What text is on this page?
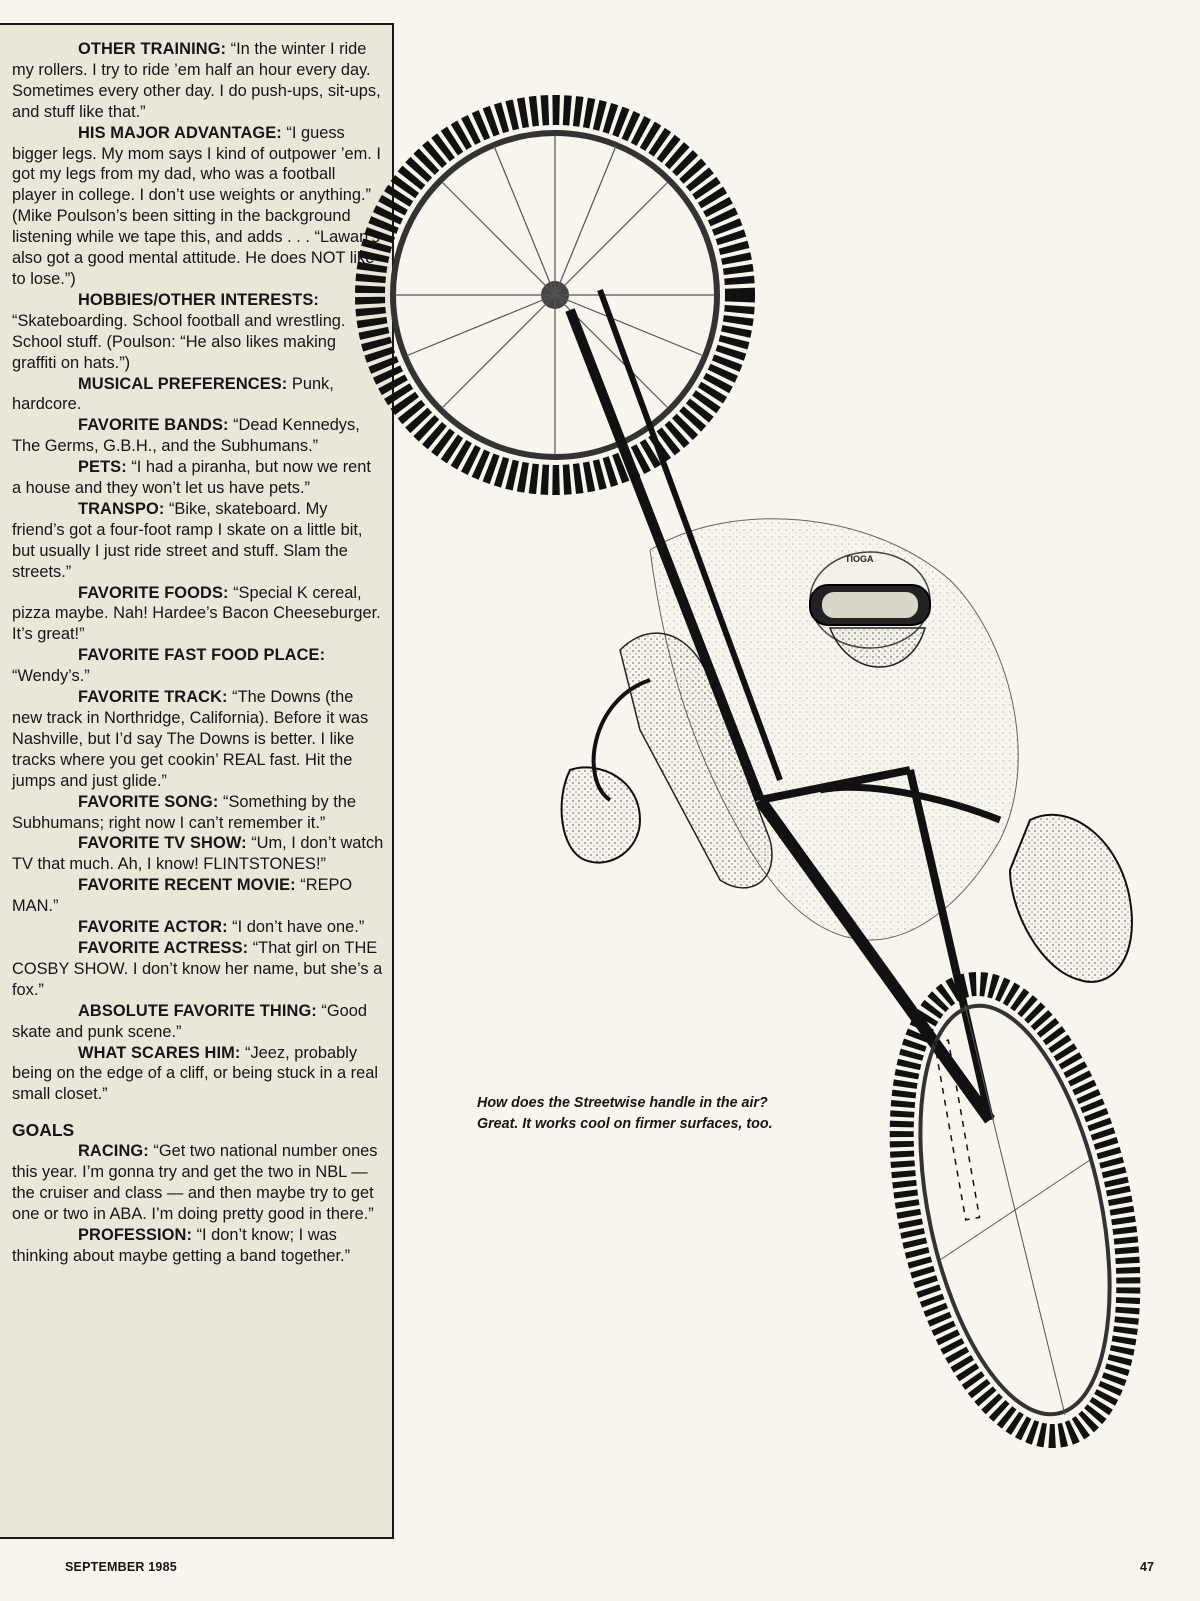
OTHER TRAINING: “In the winter I ride my rollers. I try to ride ’em half an hour every day. Sometimes every other day. I do push-ups, sit-ups, and stuff like that.”

HIS MAJOR ADVANTAGE: “I guess bigger legs. My mom says I kind of outpower ’em. I got my legs from my dad, who was a football player in college. I don’t use weights or anything.” (Mike Poulson’s been sitting in the background listening while we tape this, and adds . . . “Lawan’s also got a good mental attitude. He does NOT like to lose.”)

HOBBIES/OTHER INTERESTS: “Skateboarding. School football and wrestling. School stuff. (Poulson: “He also likes making graffiti on hats.”)

MUSICAL PREFERENCES: Punk, hardcore.

FAVORITE BANDS: “Dead Kennedys, The Germs, G.B.H., and the Subhumans.”

PETS: “I had a piranha, but now we rent a house and they won’t let us have pets.”

TRANSPO: “Bike, skateboard. My friend’s got a four-foot ramp I skate on a little bit, but usually I just ride street and stuff. Slam the streets.”

FAVORITE FOODS: “Special K cereal, pizza maybe. Nah! Hardee’s Bacon Cheeseburger. It’s great!”

FAVORITE FAST FOOD PLACE: “Wendy’s.”

FAVORITE TRACK: “The Downs (the new track in Northridge, California). Before it was Nashville, but I’d say The Downs is better. I like tracks where you get cookin’ REAL fast. Hit the jumps and just glide.”

FAVORITE SONG: “Something by the Subhumans; right now I can’t remember it.”

FAVORITE TV SHOW: “Um, I don’t watch TV that much. Ah, I know! FLINTSTONES!”

FAVORITE RECENT MOVIE: “REPO MAN.”

FAVORITE ACTOR: “I don’t have one.”

FAVORITE ACTRESS: “That girl on THE COSBY SHOW. I don’t know her name, but she’s a fox.”

ABSOLUTE FAVORITE THING: “Good skate and punk scene.”

WHAT SCARES HIM: “Jeez, probably being on the edge of a cliff, or being stuck in a real small closet.”

GOALS

RACING: “Get two national number ones this year. I’m gonna try and get the two in NBL — the cruiser and class — and then maybe try to get one or two in ABA. I’m doing pretty good in there.”

PROFESSION: “I don’t know; I was thinking about maybe getting a band together.”

TIOGA
How does the Streetwise handle in the air?
Great. It works cool on firmer surfaces, too.
SEPTEMBER 1985	47
